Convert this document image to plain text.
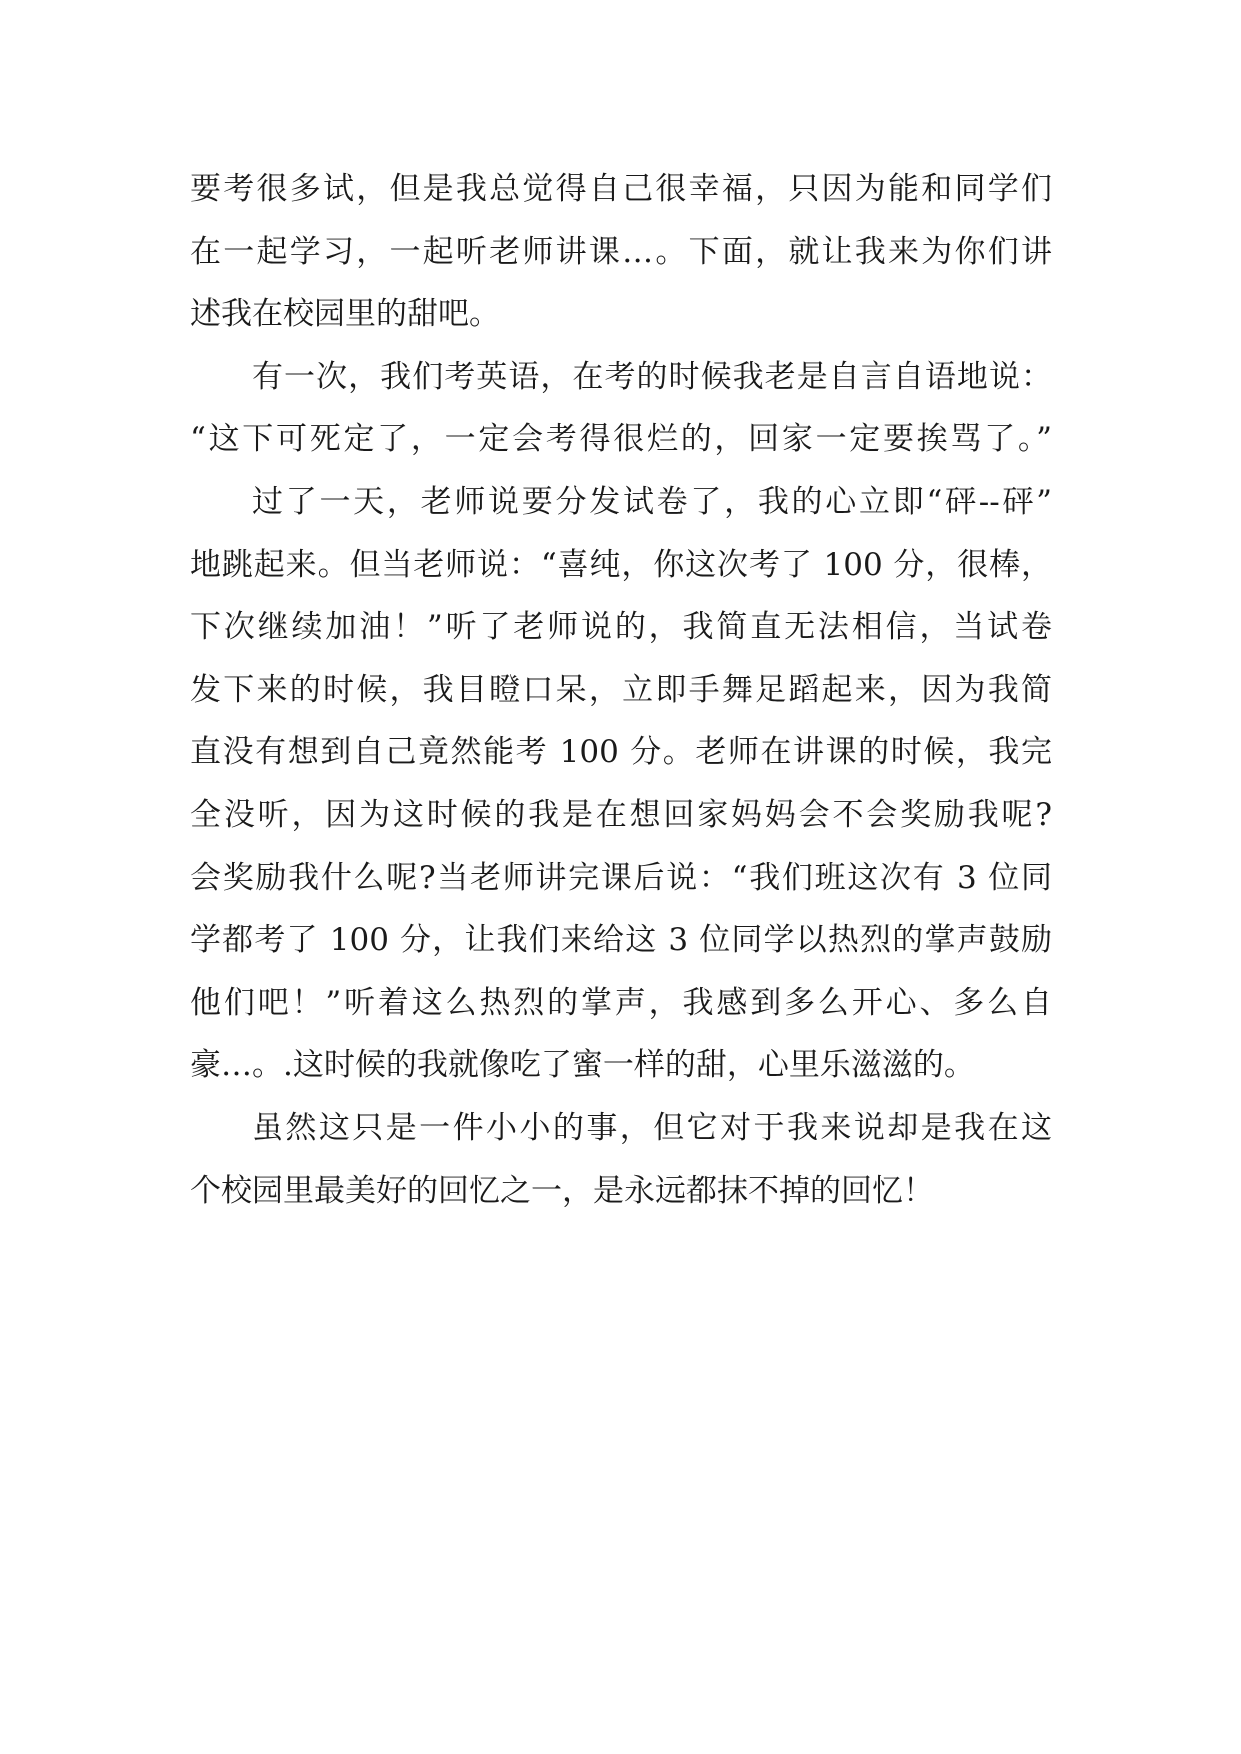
要考很多试，但是我总觉得自己很幸福，只因为能和同学们
在一起学习，一起听老师讲课…。下面，就让我来为你们讲
述我在校园里的甜吧。
有一次，我们考英语，在考的时候我老是自言自语地说：
“这下可死定了，一定会考得很烂的，回家一定要挨骂了。”
过了一天，老师说要分发试卷了，我的心立即“砰--砰”
地跳起来。但当老师说：“喜纯，你这次考了 100 分，很棒，
下次继续加油！”听了老师说的，我简直无法相信，当试卷
发下来的时候，我目瞪口呆，立即手舞足蹈起来，因为我简
直没有想到自己竟然能考 100 分。老师在讲课的时候，我完
全没听，因为这时候的我是在想回家妈妈会不会奖励我呢?
会奖励我什么呢?当老师讲完课后说：“我们班这次有 3 位同
学都考了 100 分，让我们来给这 3 位同学以热烈的掌声鼓励
他们吧！”听着这么热烈的掌声，我感到多么开心、多么自
豪…。.这时候的我就像吃了蜜一样的甜，心里乐滋滋的。
虽然这只是一件小小的事，但它对于我来说却是我在这
个校园里最美好的回忆之一，是永远都抹不掉的回忆！
